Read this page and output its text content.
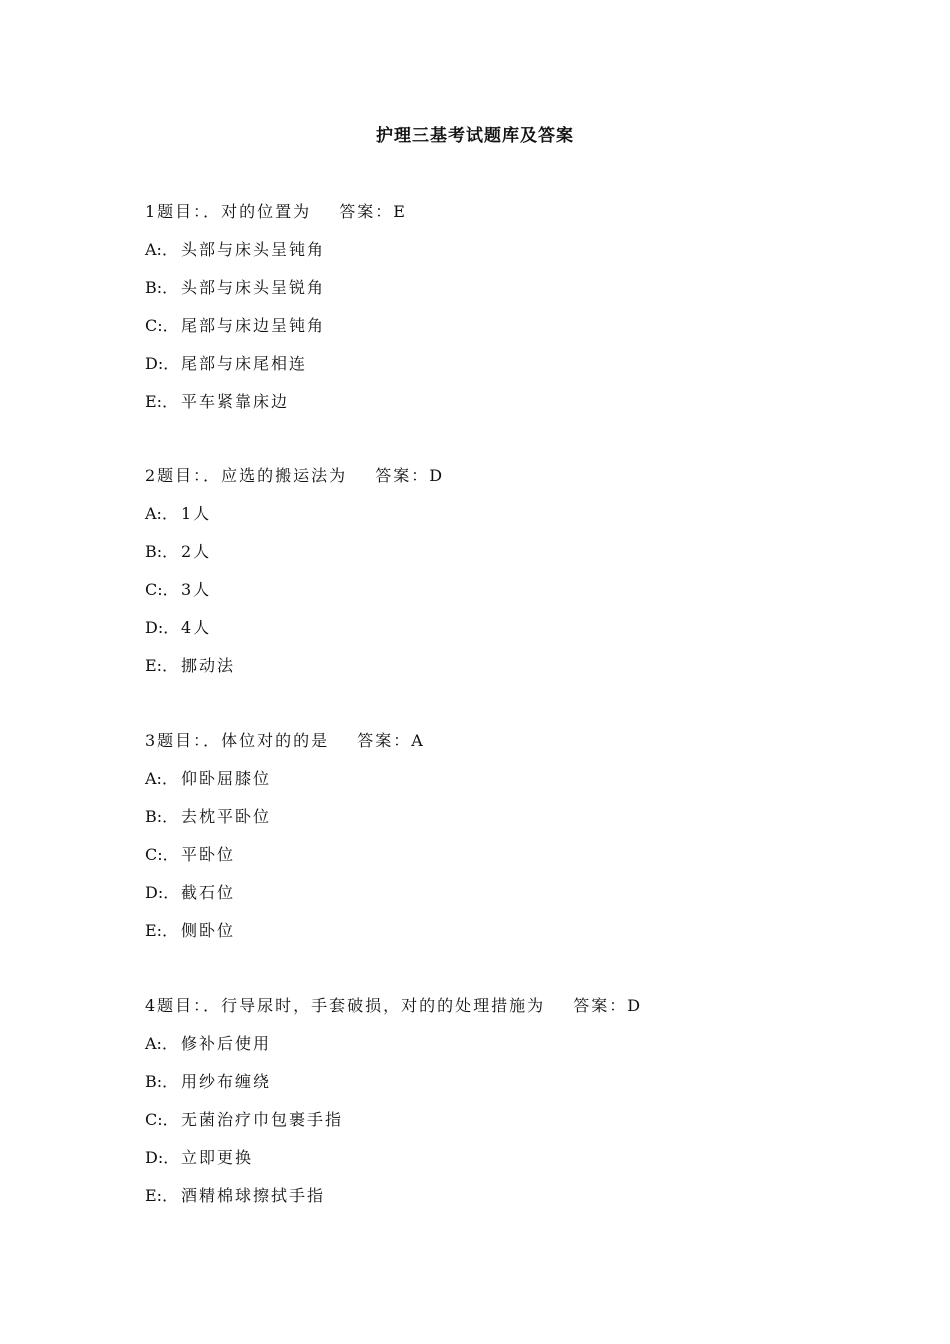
护理三基考试题库及答案
1题目：．对的位置为 答案：E
A:． 头部与床头呈钝角
B:． 头部与床头呈锐角
C:． 尾部与床边呈钝角
D:． 尾部与床尾相连
E:． 平车紧靠床边
2题目：．应选的搬运法为 答案：D
A:． 1人
B:． 2人
C:． 3人
D:． 4人
E:． 挪动法
3题目：．体位对的的是 答案：A
A:． 仰卧屈膝位
B:． 去枕平卧位
C:． 平卧位
D:． 截石位
E:． 侧卧位
4题目：．行导尿时，手套破损，对的的处理措施为 答案：D
A:． 修补后使用
B:． 用纱布缠绕
C:． 无菌治疗巾包裹手指
D:． 立即更换
E:． 酒精棉球擦拭手指
